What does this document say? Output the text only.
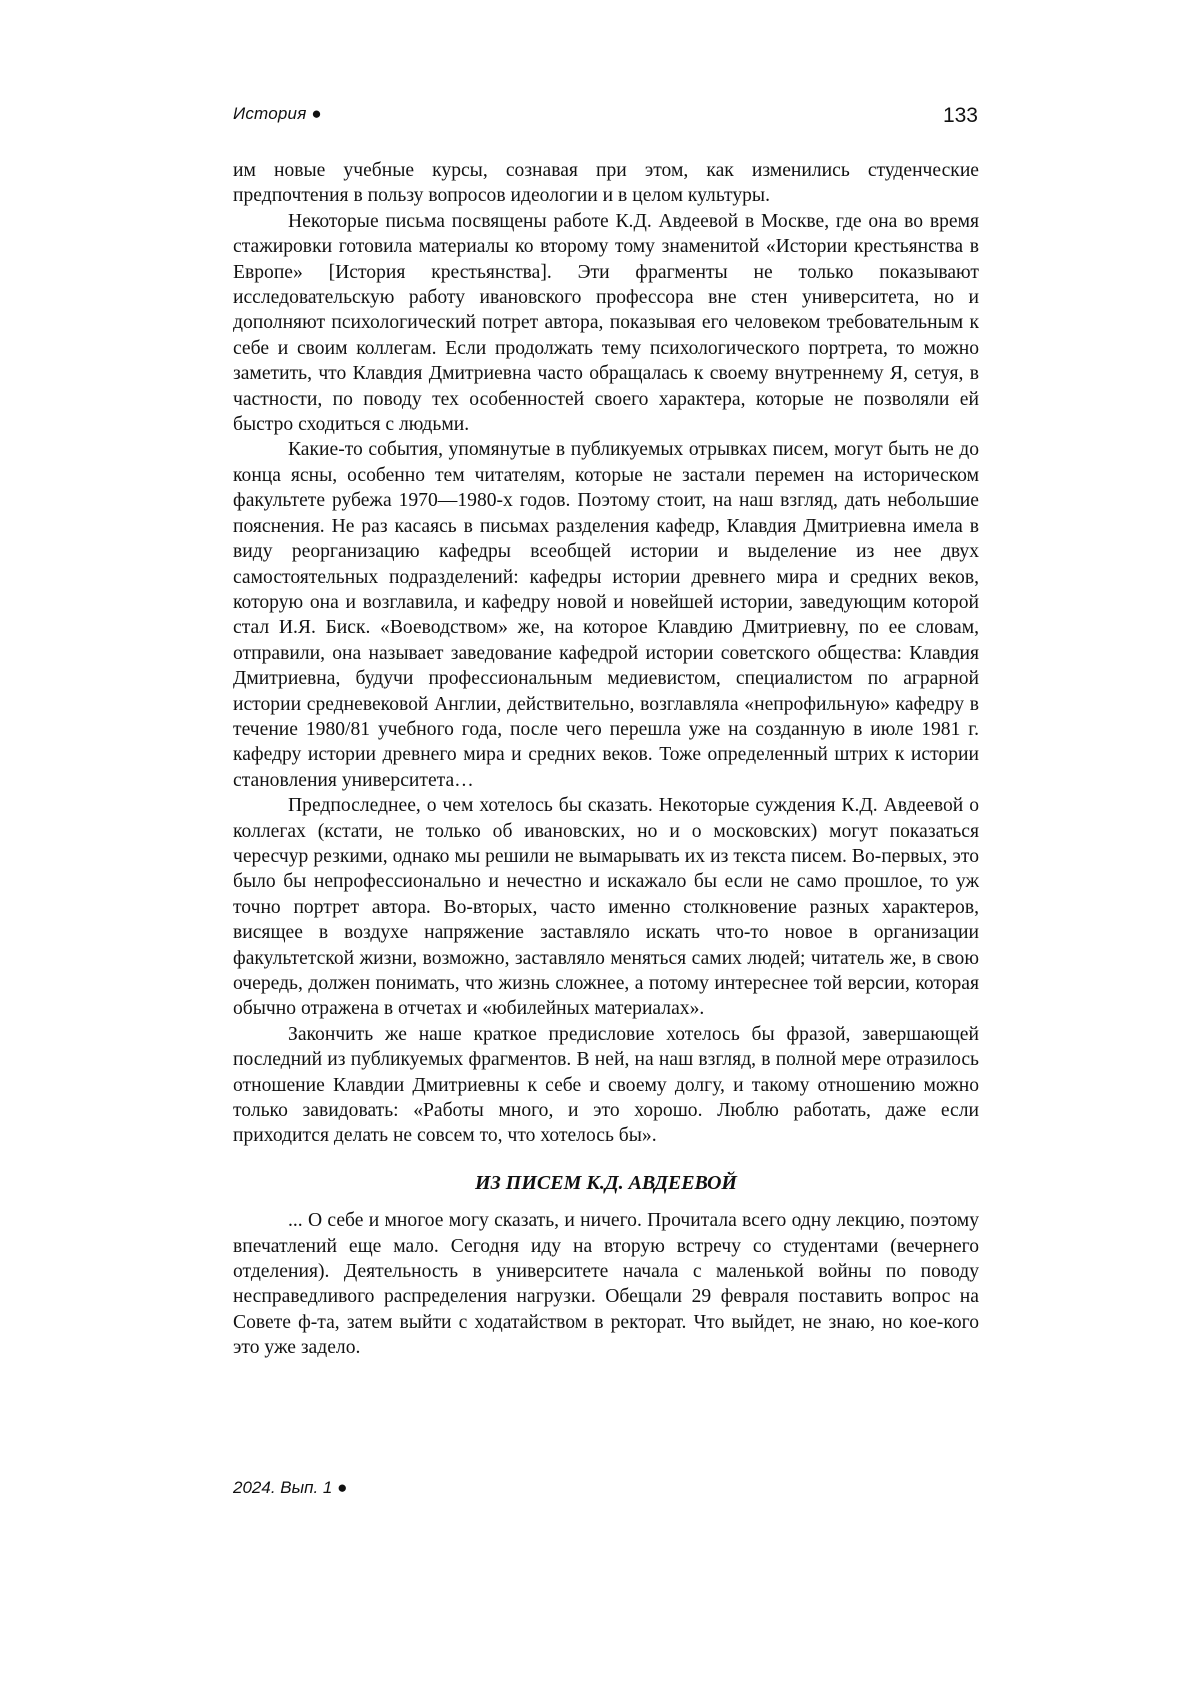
История ●	133

им новые учебные курсы, сознавая при этом, как изменились студенческие предпочтения в пользу вопросов идеологии и в целом культуры.

Некоторые письма посвящены работе К.Д. Авдеевой в Москве, где она во время стажировки готовила материалы ко второму тому знаменитой «Истории крестьянства в Европе» [История крестьянства]. Эти фрагменты не только показывают исследовательскую работу ивановского профессора вне стен университета, но и дополняют психологический потрет автора, показывая его человеком требовательным к себе и своим коллегам. Если продолжать тему психологического портрета, то можно заметить, что Клавдия Дмитриевна часто обращалась к своему внутреннему Я, сетуя, в частности, по поводу тех особенностей своего характера, которые не позволяли ей быстро сходиться с людьми.

Какие-то события, упомянутые в публикуемых отрывках писем, могут быть не до конца ясны, особенно тем читателям, которые не застали перемен на историческом факультете рубежа 1970—1980-х годов. Поэтому стоит, на наш взгляд, дать небольшие пояснения. Не раз касаясь в письмах разделения кафедр, Клавдия Дмитриевна имела в виду реорганизацию кафедры всеобщей истории и выделение из нее двух самостоятельных подразделений: кафедры истории древнего мира и средних веков, которую она и возглавила, и кафедру новой и новейшей истории, заведующим которой стал И.Я. Биск. «Воеводством» же, на которое Клавдию Дмитриевну, по ее словам, отправили, она называет заведование кафедрой истории советского общества: Клавдия Дмитриевна, будучи профессиональным медиевистом, специалистом по аграрной истории средневековой Англии, действительно, возглавляла «непрофильную» кафедру в течение 1980/81 учебного года, после чего перешла уже на созданную в июле 1981 г. кафедру истории древнего мира и средних веков. Тоже определенный штрих к истории становления университета…

Предпоследнее, о чем хотелось бы сказать. Некоторые суждения К.Д. Авдеевой о коллегах (кстати, не только об ивановских, но и о московских) могут показаться чересчур резкими, однако мы решили не вымарывать их из текста писем. Во-первых, это было бы непрофессионально и нечестно и искажало бы если не само прошлое, то уж точно портрет автора. Во-вторых, часто именно столкновение разных характеров, висящее в воздухе напряжение заставляло искать что-то новое в организации факультетской жизни, возможно, заставляло меняться самих людей; читатель же, в свою очередь, должен понимать, что жизнь сложнее, а потому интереснее той версии, которая обычно отражена в отчетах и «юбилейных материалах».

Закончить же наше краткое предисловие хотелось бы фразой, завершающей последний из публикуемых фрагментов. В ней, на наш взгляд, в полной мере отразилось отношение Клавдии Дмитриевны к себе и своему долгу, и такому отношению можно только завидовать: «Работы много, и это хорошо. Люблю работать, даже если приходится делать не совсем то, что хотелось бы».

ИЗ ПИСЕМ К.Д. АВДЕЕВОЙ

... О себе и многое могу сказать, и ничего. Прочитала всего одну лекцию, поэтому впечатлений еще мало. Сегодня иду на вторую встречу со студентами (вечернего отделения). Деятельность в университете начала с маленькой войны по поводу несправедливого распределения нагрузки. Обещали 29 февраля поставить вопрос на Совете ф-та, затем выйти с ходатайством в ректорат. Что выйдет, не знаю, но кое-кого это уже задело.

2024. Вып. 1 ●
